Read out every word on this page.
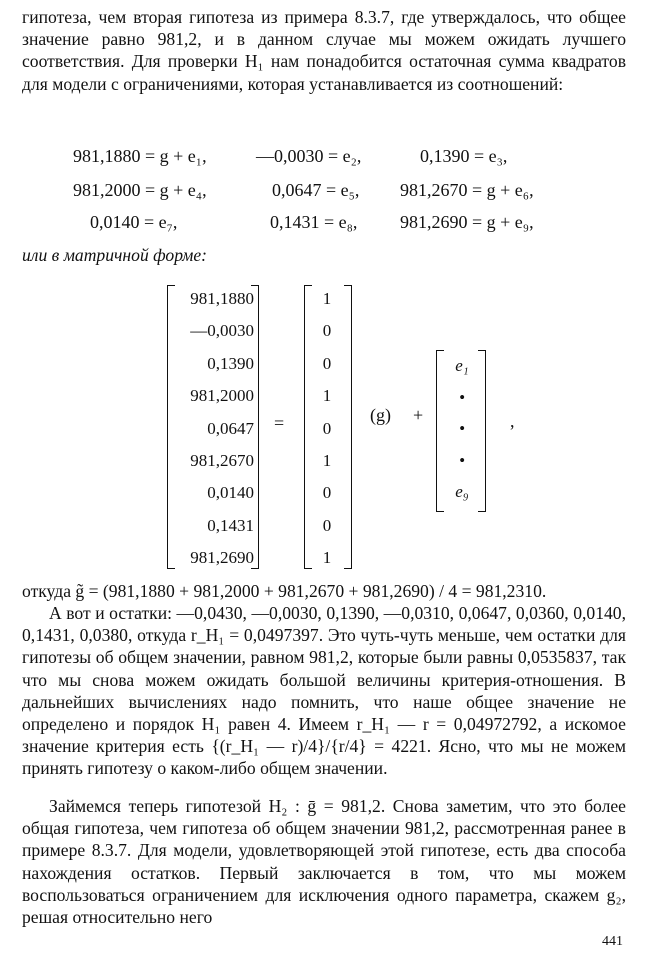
гипотеза, чем вторая гипотеза из примера 8.3.7, где утверждалось, что общее значение равно 981,2, и в данном случае мы можем ожидать лучшего соответствия. Для проверки H₁ нам понадобится остаточная сумма квадратов для модели с ограничениями, которая устанавливается из соотношений:

981,1880 = g + e₁,	—0,0030 = e₂,	0,1390 = e₃,
981,2000 = g + e₄,	0,0647 = e₅, 981,2670 = g + e₆,
0,0140 = e₇,	0,1431 = e₈, 981,2690 = g + e₉,
или в матричной форме:
981,1880
—0,0030
0,1390
981,2000
0,0647
981,2670
0,0140
0,1431
981,2690
=
1
0
0
1
0
1
0
0
1
(g) +
e₁
•
•
•
e₉
,

откуда g̃ = (981,1880 + 981,2000 + 981,2670 + 981,2690) / 4 = 981,2310.

А вот и остатки: —0,0430, —0,0030, 0,1390, —0,0310, 0,0647, 0,0360, 0,0140, 0,1431, 0,0380, откуда r_H₁ = 0,0497397. Это чуть-чуть меньше, чем остатки для гипотезы об общем значении, равном 981,2, которые были равны 0,0535837, так что мы снова можем ожидать большой величины критерия-отношения. В дальнейших вычислениях надо помнить, что наше общее значение не определено и порядок H₁ равен 4. Имеем r_H₁ — r = 0,04972792, а искомое значение критерия есть {(r_H₁ — r)/4}/{r/4} = 4221. Ясно, что мы не можем принять гипотезу о каком-либо общем значении.

Займемся теперь гипотезой H₂ : ḡ = 981,2. Снова заметим, что это более общая гипотеза, чем гипотеза об общем значении 981,2, рассмотренная ранее в примере 8.3.7. Для модели, удовлетворяющей этой гипотезе, есть два способа нахождения остатков. Первый заключается в том, что мы можем воспользоваться ограничением для исключения одного параметра, скажем g₂, решая относительно него

441
